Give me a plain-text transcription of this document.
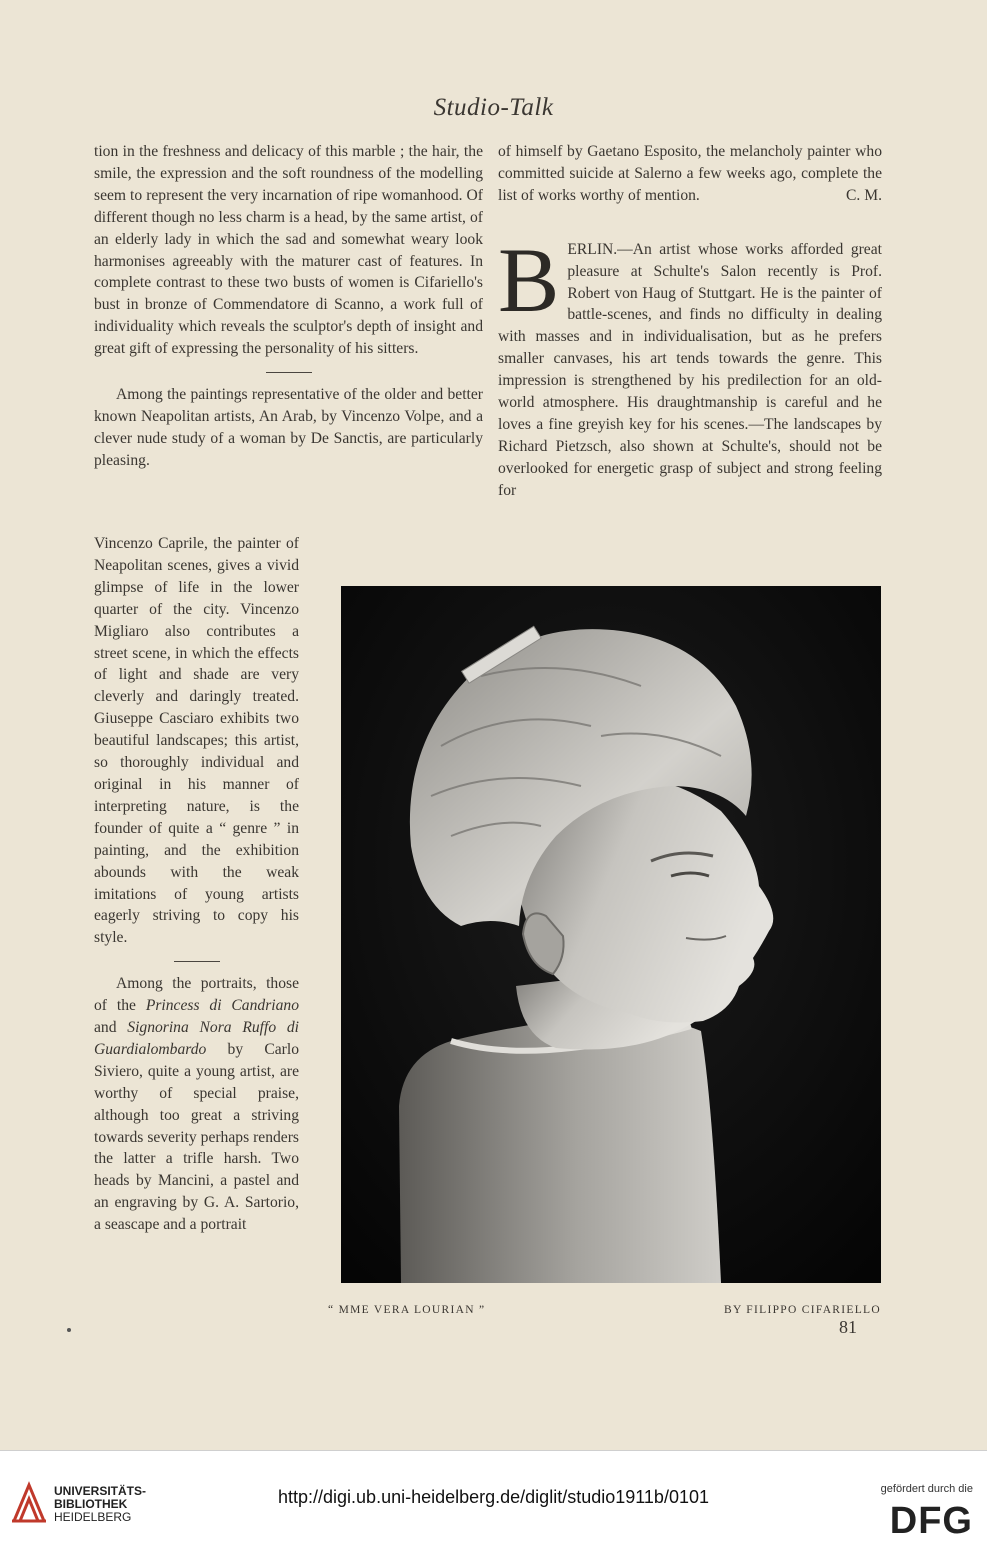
Studio-Talk

tion in the freshness and delicacy of this marble ; the hair, the smile, the expression and the soft roundness of the modelling seem to represent the very incarnation of ripe womanhood. Of different though no less charm is a head, by the same artist, of an elderly lady in which the sad and somewhat weary look harmonises agreeably with the maturer cast of features. In complete contrast to these two busts of women is Cifariello's bust in bronze of Commendatore di Scanno, a work full of individuality which reveals the sculptor's depth of insight and great gift of expressing the personality of his sitters.

Among the paintings representative of the older and better known Neapolitan artists, An Arab, by Vincenzo Volpe, and a clever nude study of a woman by De Sanctis, are particularly pleasing.

Vincenzo Caprile, the painter of Neapolitan scenes, gives a vivid glimpse of life in the lower quarter of the city. Vincenzo Migliaro also contributes a street scene, in which the effects of light and shade are very cleverly and daringly treated. Giuseppe Casciaro exhibits two beautiful landscapes; this artist, so thoroughly individual and original in his manner of interpreting nature, is the founder of quite a “ genre ” in painting, and the exhibition abounds with the weak imitations of young artists eagerly striving to copy his style.

Among the portraits, those of the Princess di Candriano and Signorina Nora Ruffo di Guardialombardo by Carlo Siviero, quite a young artist, are worthy of special praise, although too great a striving towards severity perhaps renders the latter a trifle harsh. Two heads by Mancini, a pastel and an engraving by G. A. Sartorio, a seascape and a portrait

of himself by Gaetano Esposito, the melancholy painter who committed suicide at Salerno a few weeks ago, complete the list of works worthy of mention.	C. M.

BERLIN.—An artist whose works afforded great pleasure at Schulte's Salon recently is Prof. Robert von Haug of Stuttgart. He is the painter of battle-scenes, and finds no difficulty in dealing with masses and in individualisation, but as he prefers smaller canvases, his art tends towards the genre. This impression is strengthened by his predilection for an old-world atmosphere. His draughtmanship is careful and he loves a fine greyish key for his scenes.—The landscapes by Richard Pietzsch, also shown at Schulte's, should not be overlooked for energetic grasp of subject and strong feeling for

“ MME VERA LOURIAN ”	BY FILIPPO CIFARIELLO
81
UNIVERSITÄTS-
BIBLIOTHEK
HEIDELBERG
http://digi.ub.uni-heidelberg.de/diglit/studio1911b/0101	gefördert durch die
DFG
